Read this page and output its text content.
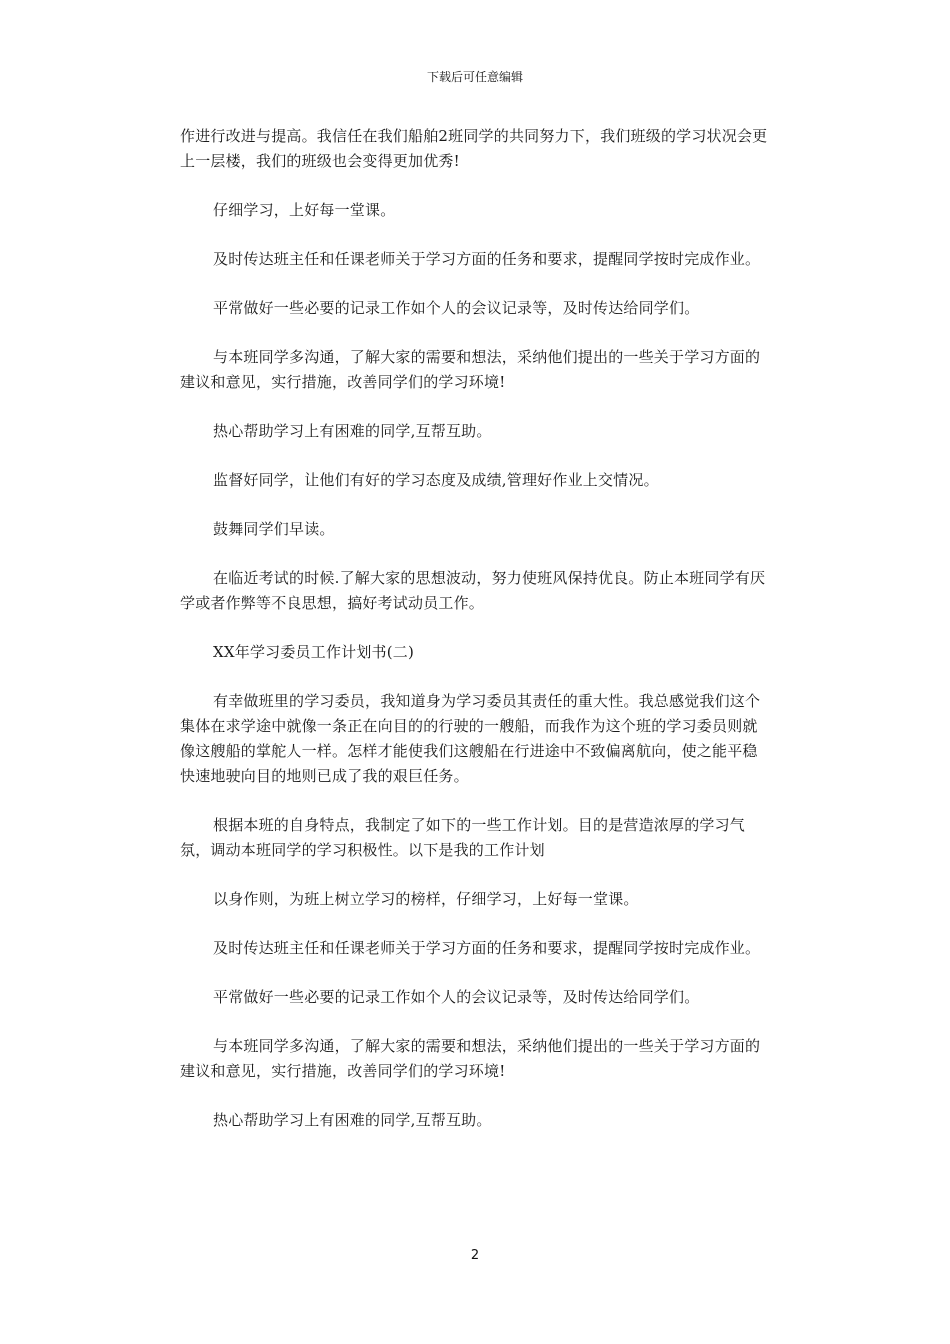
下载后可任意编辑

作进行改进与提高。我信任在我们船舶2班同学的共同努力下，我们班级的学习状况会更上一层楼，我们的班级也会变得更加优秀!

仔细学习，上好每一堂课。

及时传达班主任和任课老师关于学习方面的任务和要求，提醒同学按时完成作业。

平常做好一些必要的记录工作如个人的会议记录等，及时传达给同学们。

与本班同学多沟通，了解大家的需要和想法，采纳他们提出的一些关于学习方面的建议和意见，实行措施，改善同学们的学习环境!

热心帮助学习上有困难的同学,互帮互助。

监督好同学，让他们有好的学习态度及成绩,管理好作业上交情况。

鼓舞同学们早读。

在临近考试的时候.了解大家的思想波动，努力使班风保持优良。防止本班同学有厌学或者作弊等不良思想，搞好考试动员工作。

XX年学习委员工作计划书(二)

有幸做班里的学习委员，我知道身为学习委员其责任的重大性。我总感觉我们这个集体在求学途中就像一条正在向目的的行驶的一艘船，而我作为这个班的学习委员则就像这艘船的掌舵人一样。怎样才能使我们这艘船在行进途中不致偏离航向，使之能平稳快速地驶向目的地则已成了我的艰巨任务。

根据本班的自身特点，我制定了如下的一些工作计划。目的是营造浓厚的学习气氛，调动本班同学的学习积极性。以下是我的工作计划

以身作则，为班上树立学习的榜样，仔细学习，上好每一堂课。

及时传达班主任和任课老师关于学习方面的任务和要求，提醒同学按时完成作业。

平常做好一些必要的记录工作如个人的会议记录等，及时传达给同学们。

与本班同学多沟通，了解大家的需要和想法，采纳他们提出的一些关于学习方面的建议和意见，实行措施，改善同学们的学习环境!

热心帮助学习上有困难的同学,互帮互助。

2
